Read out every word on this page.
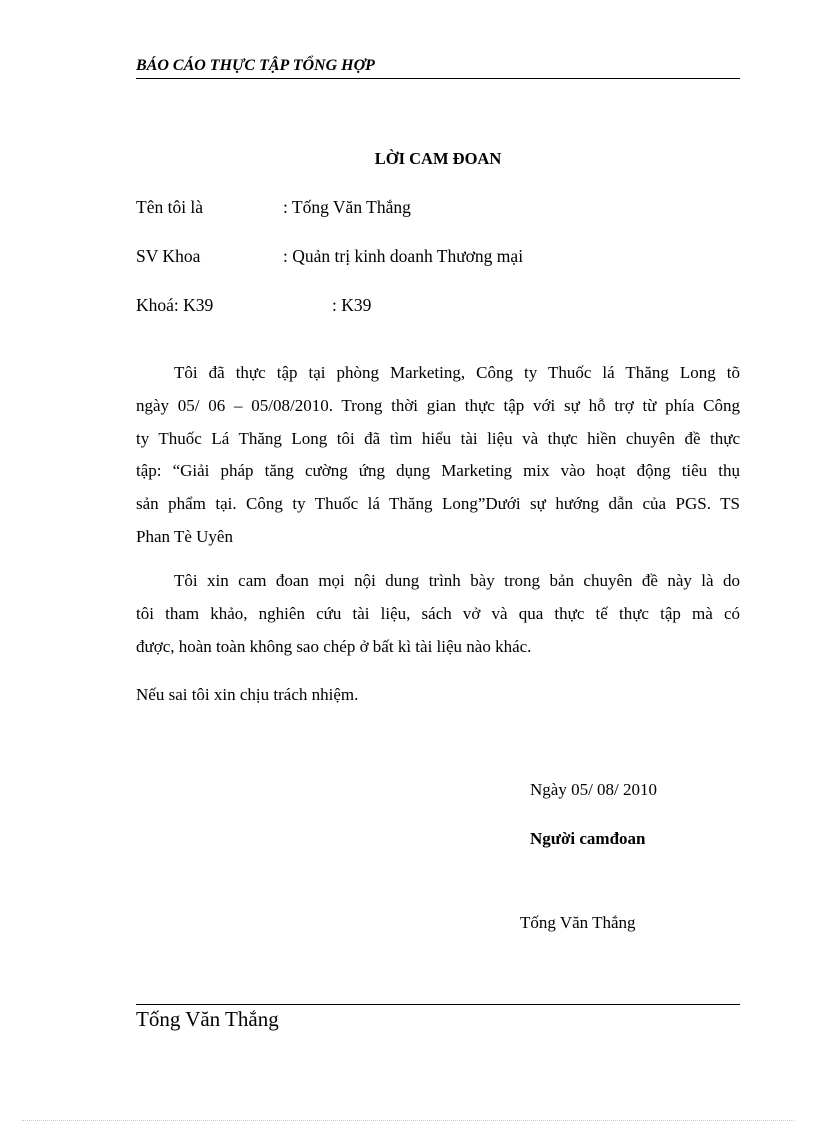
BÁO CÁO THỰC TẬP TỔNG HỢP
LỜI CAM ĐOAN
Tên tôi là	: Tống Văn Thắng
SV Khoa	: Quản trị kinh doanh Thương mại
Khoá: K39	: K39
Tôi đã thực tập tại phòng Marketing, Công ty Thuốc lá Thăng Long tõ
ngày 05/ 06 – 05/08/2010. Trong thời gian thực tập với sự hỗ trợ từ phía Công
ty Thuốc Lá Thăng Long tôi đã tìm hiểu tài liệu và thực hiền chuyên đề thực
tập: “Giải pháp tăng cường ứng dụng Marketing mix vào hoạt động tiêu thụ
sản phẩm tại. Công ty Thuốc lá Thăng Long”Dưới sự hướng dẫn của PGS. TS
Phan Tè Uyên
Tôi xin cam đoan mọi nội dung trình bày trong bản chuyên đề này là do
tôi tham khảo, nghiên cứu tài liệu, sách vở và qua thực tế thực tập mà có
được, hoàn toàn không sao chép ở bất kì tài liệu nào khác.
Nếu sai tôi xin chịu trách nhiệm.
Ngày 05/ 08/ 2010
Người camđoan
Tống Văn Thắng
Tống Văn Thắng
